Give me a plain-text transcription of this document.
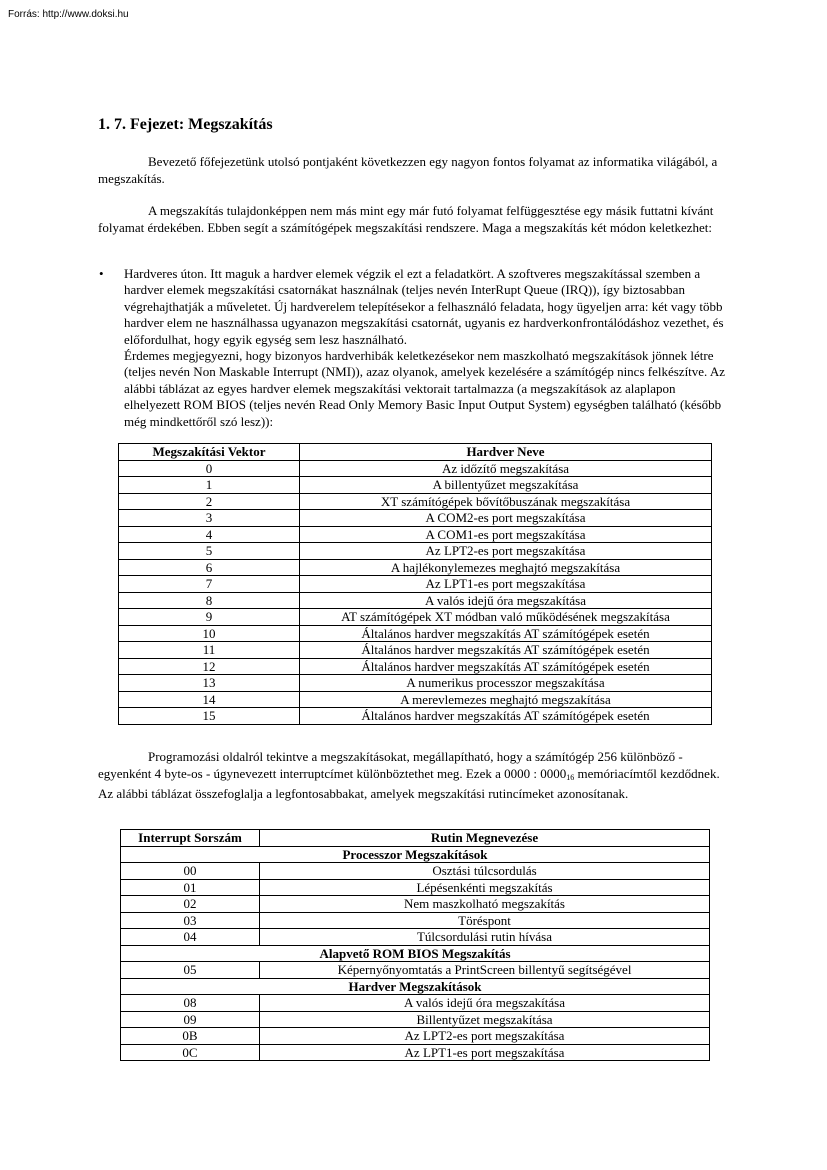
Forrás: http://www.doksi.hu
1. 7. Fejezet: Megszakítás

Bevezető főfejezetünk utolsó pontjaként következzen egy nagyon fontos folyamat az informatika világából, a megszakítás.

A megszakítás tulajdonképpen nem más mint egy már futó folyamat felfüggesztése egy másik futtatni kívánt folyamat érdekében. Ebben segít a számítógépek megszakítási rendszere. Maga a megszakítás két módon keletkezhet:

• Hardveres úton. Itt maguk a hardver elemek végzik el ezt a feladatkört. A szoftveres megszakítással szemben a hardver elemek megszakítási csatornákat használnak (teljes nevén InterRupt Queue (IRQ)), így biztosabban végrehajthatják a műveletet. Új hardverelem telepítésekor a felhasználó feladata, hogy ügyeljen arra: két vagy több hardver elem ne használhassa ugyanazon megszakítási csatornát, ugyanis ez hardverkonfrontálódáshoz vezethet, és előfordulhat, hogy egyik egység sem lesz használható.

Érdemes megjegyezni, hogy bizonyos hardverhibák keletkezésekor nem maszkolható megszakítások jönnek létre (teljes nevén Non Maskable Interrupt (NMI)), azaz olyanok, amelyek kezelésére a számítógép nincs felkészítve. Az alábbi táblázat az egyes hardver elemek megszakítási vektorait tartalmazza (a megszakítások az alaplapon elhelyezett ROM BIOS (teljes nevén Read Only Memory Basic Input Output System) egységben található (később még mindkettőről szó lesz)):

Megszakítási Vektor	Hardver Neve
0	Az időzítő megszakítása
1	A billentyűzet megszakítása
2	XT számítógépek bővítőbuszának megszakítása
3	A COM2-es port megszakítása
4	A COM1-es port megszakítása
5	Az LPT2-es port megszakítása
6	A hajlékonylemezes meghajtó megszakítása
7	Az LPT1-es port megszakítása
8	A valós idejű óra megszakítása
9	AT számítógépek XT módban való működésének megszakítása
10	Általános hardver megszakítás AT számítógépek esetén
11	Általános hardver megszakítás AT számítógépek esetén
12	Általános hardver megszakítás AT számítógépek esetén
13	A numerikus processzor megszakítása
14	A merevlemezes meghajtó megszakítása
15	Általános hardver megszakítás AT számítógépek esetén

Programozási oldalról tekintve a megszakításokat, megállapítható, hogy a számítógép 256 különböző - egyenként 4 byte-os - úgynevezett interruptcímet különböztethet meg. Ezek a 0000 : $0000_{16}$ memóriacímtől kezdődnek. Az alábbi táblázat összefoglalja a legfontosabbakat, amelyek megszakítási rutincímeket azonosítanak.

Interrupt Sorszám	Rutin Megnevezése
Processzor Megszakítások	
00	Osztási túlcsordulás
01	Lépésenkénti megszakítás
02	Nem maszkolható megszakítás
03	Töréspont
04	Túlcsordulási rutin hívása
Alapvető ROM BIOS Megszakítás	
05	Képernyőnyomtatás a PrintScreen billentyű segítségével
Hardver Megszakítások	
08	A valós idejű óra megszakítása
09	Billentyűzet megszakítása
0B	Az LPT2-es port megszakítása
0C	Az LPT1-es port megszakítása
